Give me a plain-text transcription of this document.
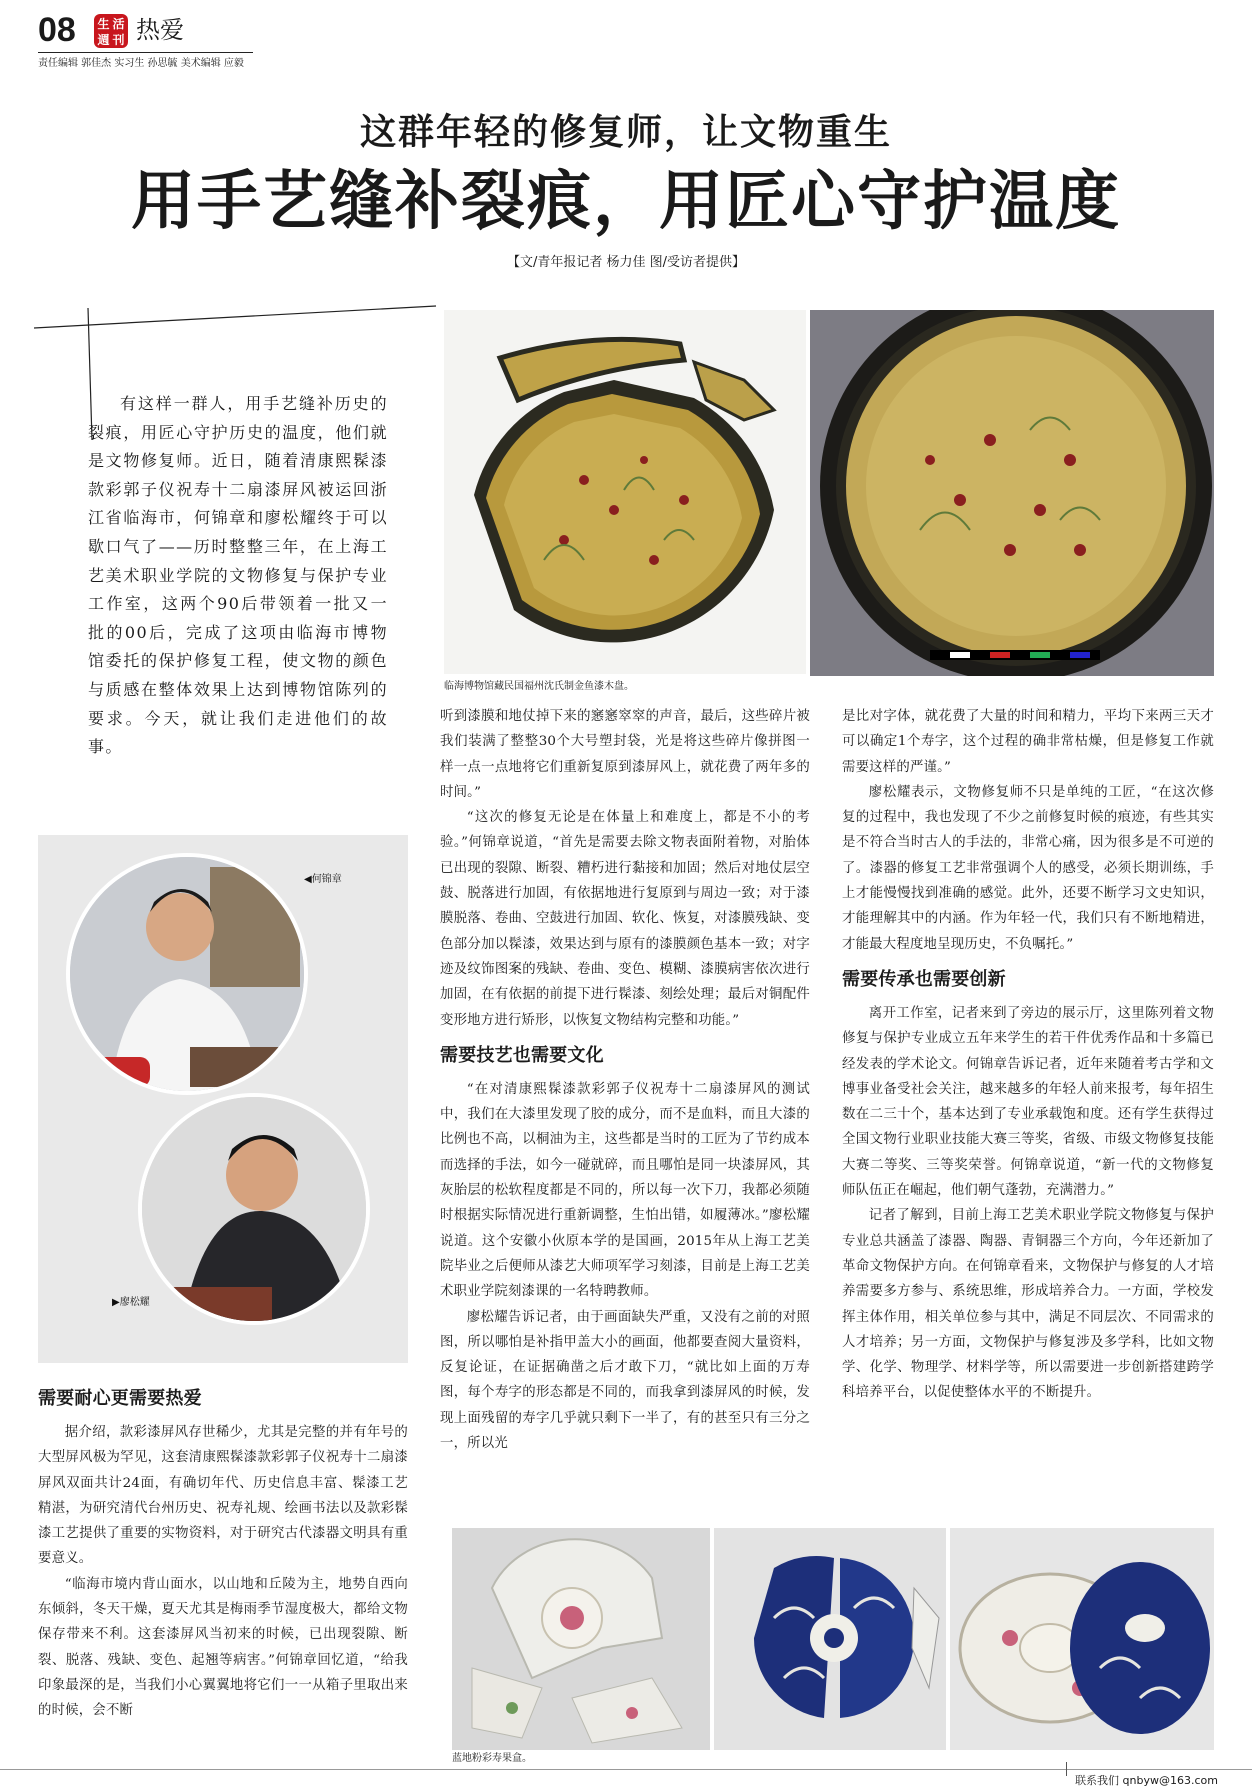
08 生 活
週 刊 热爱
责任编辑 郭佳杰 实习生 孙思毓 美术编辑 应毅
这群年轻的修复师，让文物重生
用手艺缝补裂痕，用匠心守护温度
【文/青年报记者 杨力佳 图/受访者提供】

有这样一群人，用手艺缝补历史的裂痕，用匠心守护历史的温度，他们就是文物修复师。近日，随着清康熙髹漆款彩郭子仪祝寿十二扇漆屏风被运回浙江省临海市，何锦章和廖松耀终于可以歇口气了——历时整整三年，在上海工艺美术职业学院的文物修复与保护专业工作室，这两个90后带领着一批又一批的00后，完成了这项由临海市博物馆委托的保护修复工程，使文物的颜色与质感在整体效果上达到博物馆陈列的要求。今天，就让我们走进他们的故事。

临海博物馆藏民国福州沈氏制金鱼漆木盘。
◀何锦章
▶廖松耀
需要耐心更需要热爱

据介绍，款彩漆屏风存世稀少，尤其是完整的并有年号的大型屏风极为罕见，这套清康熙髹漆款彩郭子仪祝寿十二扇漆屏风双面共计24面，有确切年代、历史信息丰富、髹漆工艺精湛，为研究清代台州历史、祝寿礼规、绘画书法以及款彩髹漆工艺提供了重要的实物资料，对于研究古代漆器文明具有重要意义。

“临海市境内背山面水，以山地和丘陵为主，地势自西向东倾斜，冬天干燥，夏天尤其是梅雨季节湿度极大，都给文物保存带来不利。这套漆屏风当初来的时候，已出现裂隙、断裂、脱落、残缺、变色、起翘等病害。”何锦章回忆道，“给我印象最深的是，当我们小心翼翼地将它们一一从箱子里取出来的时候，会不断

听到漆膜和地仗掉下来的窸窸窣窣的声音，最后，这些碎片被我们装满了整整30个大号塑封袋，光是将这些碎片像拼图一样一点一点地将它们重新复原到漆屏风上，就花费了两年多的时间。”

“这次的修复无论是在体量上和难度上，都是不小的考验。”何锦章说道，“首先是需要去除文物表面附着物，对胎体已出现的裂隙、断裂、糟朽进行黏接和加固；然后对地仗层空鼓、脱落进行加固，有依据地进行复原到与周边一致；对于漆膜脱落、卷曲、空鼓进行加固、软化、恢复，对漆膜残缺、变色部分加以髹漆，效果达到与原有的漆膜颜色基本一致；对字迹及纹饰图案的残缺、卷曲、变色、模糊、漆膜病害依次进行加固，在有依据的前提下进行髹漆、刻绘处理；最后对铜配件变形地方进行矫形，以恢复文物结构完整和功能。”

需要技艺也需要文化

“在对清康熙髹漆款彩郭子仪祝寿十二扇漆屏风的测试中，我们在大漆里发现了胶的成分，而不是血料，而且大漆的比例也不高，以桐油为主，这些都是当时的工匠为了节约成本而选择的手法，如今一碰就碎，而且哪怕是同一块漆屏风，其灰胎层的松软程度都是不同的，所以每一次下刀，我都必须随时根据实际情况进行重新调整，生怕出错，如履薄冰。”廖松耀说道。这个安徽小伙原本学的是国画，2015年从上海工艺美院毕业之后便师从漆艺大师项军学习刻漆，目前是上海工艺美术职业学院刻漆课的一名特聘教师。

廖松耀告诉记者，由于画面缺失严重，又没有之前的对照图，所以哪怕是补指甲盖大小的画面，他都要查阅大量资料，反复论证，在证据确凿之后才敢下刀，“就比如上面的万寿图，每个寿字的形态都是不同的，而我拿到漆屏风的时候，发现上面残留的寿字几乎就只剩下一半了，有的甚至只有三分之一，所以光

是比对字体，就花费了大量的时间和精力，平均下来两三天才可以确定1个寿字，这个过程的确非常枯燥，但是修复工作就需要这样的严谨。”

廖松耀表示，文物修复师不只是单纯的工匠，“在这次修复的过程中，我也发现了不少之前修复时候的痕迹，有些其实是不符合当时古人的手法的，非常心痛，因为很多是不可逆的了。漆器的修复工艺非常强调个人的感受，必须长期训练，手上才能慢慢找到准确的感觉。此外，还要不断学习文史知识，才能理解其中的内涵。作为年轻一代，我们只有不断地精进，才能最大程度地呈现历史，不负嘱托。”

需要传承也需要创新

离开工作室，记者来到了旁边的展示厅，这里陈列着文物修复与保护专业成立五年来学生的若干件优秀作品和十多篇已经发表的学术论文。何锦章告诉记者，近年来随着考古学和文博事业备受社会关注，越来越多的年轻人前来报考，每年招生数在二三十个，基本达到了专业承载饱和度。还有学生获得过全国文物行业职业技能大赛三等奖，省级、市级文物修复技能大赛二等奖、三等奖荣誉。何锦章说道，“新一代的文物修复师队伍正在崛起，他们朝气蓬勃，充满潜力。”

记者了解到，目前上海工艺美术职业学院文物修复与保护专业总共涵盖了漆器、陶器、青铜器三个方向，今年还新加了革命文物保护方向。在何锦章看来，文物保护与修复的人才培养需要多方参与、系统思维，形成培养合力。一方面，学校发挥主体作用，相关单位参与其中，满足不同层次、不同需求的人才培养；另一方面，文物保护与修复涉及多学科，比如文物学、化学、物理学、材料学等，所以需要进一步创新搭建跨学科培养平台，以促使整体水平的不断提升。

蓝地粉彩寿果盒。
联系我们 qnbyw@163.com
